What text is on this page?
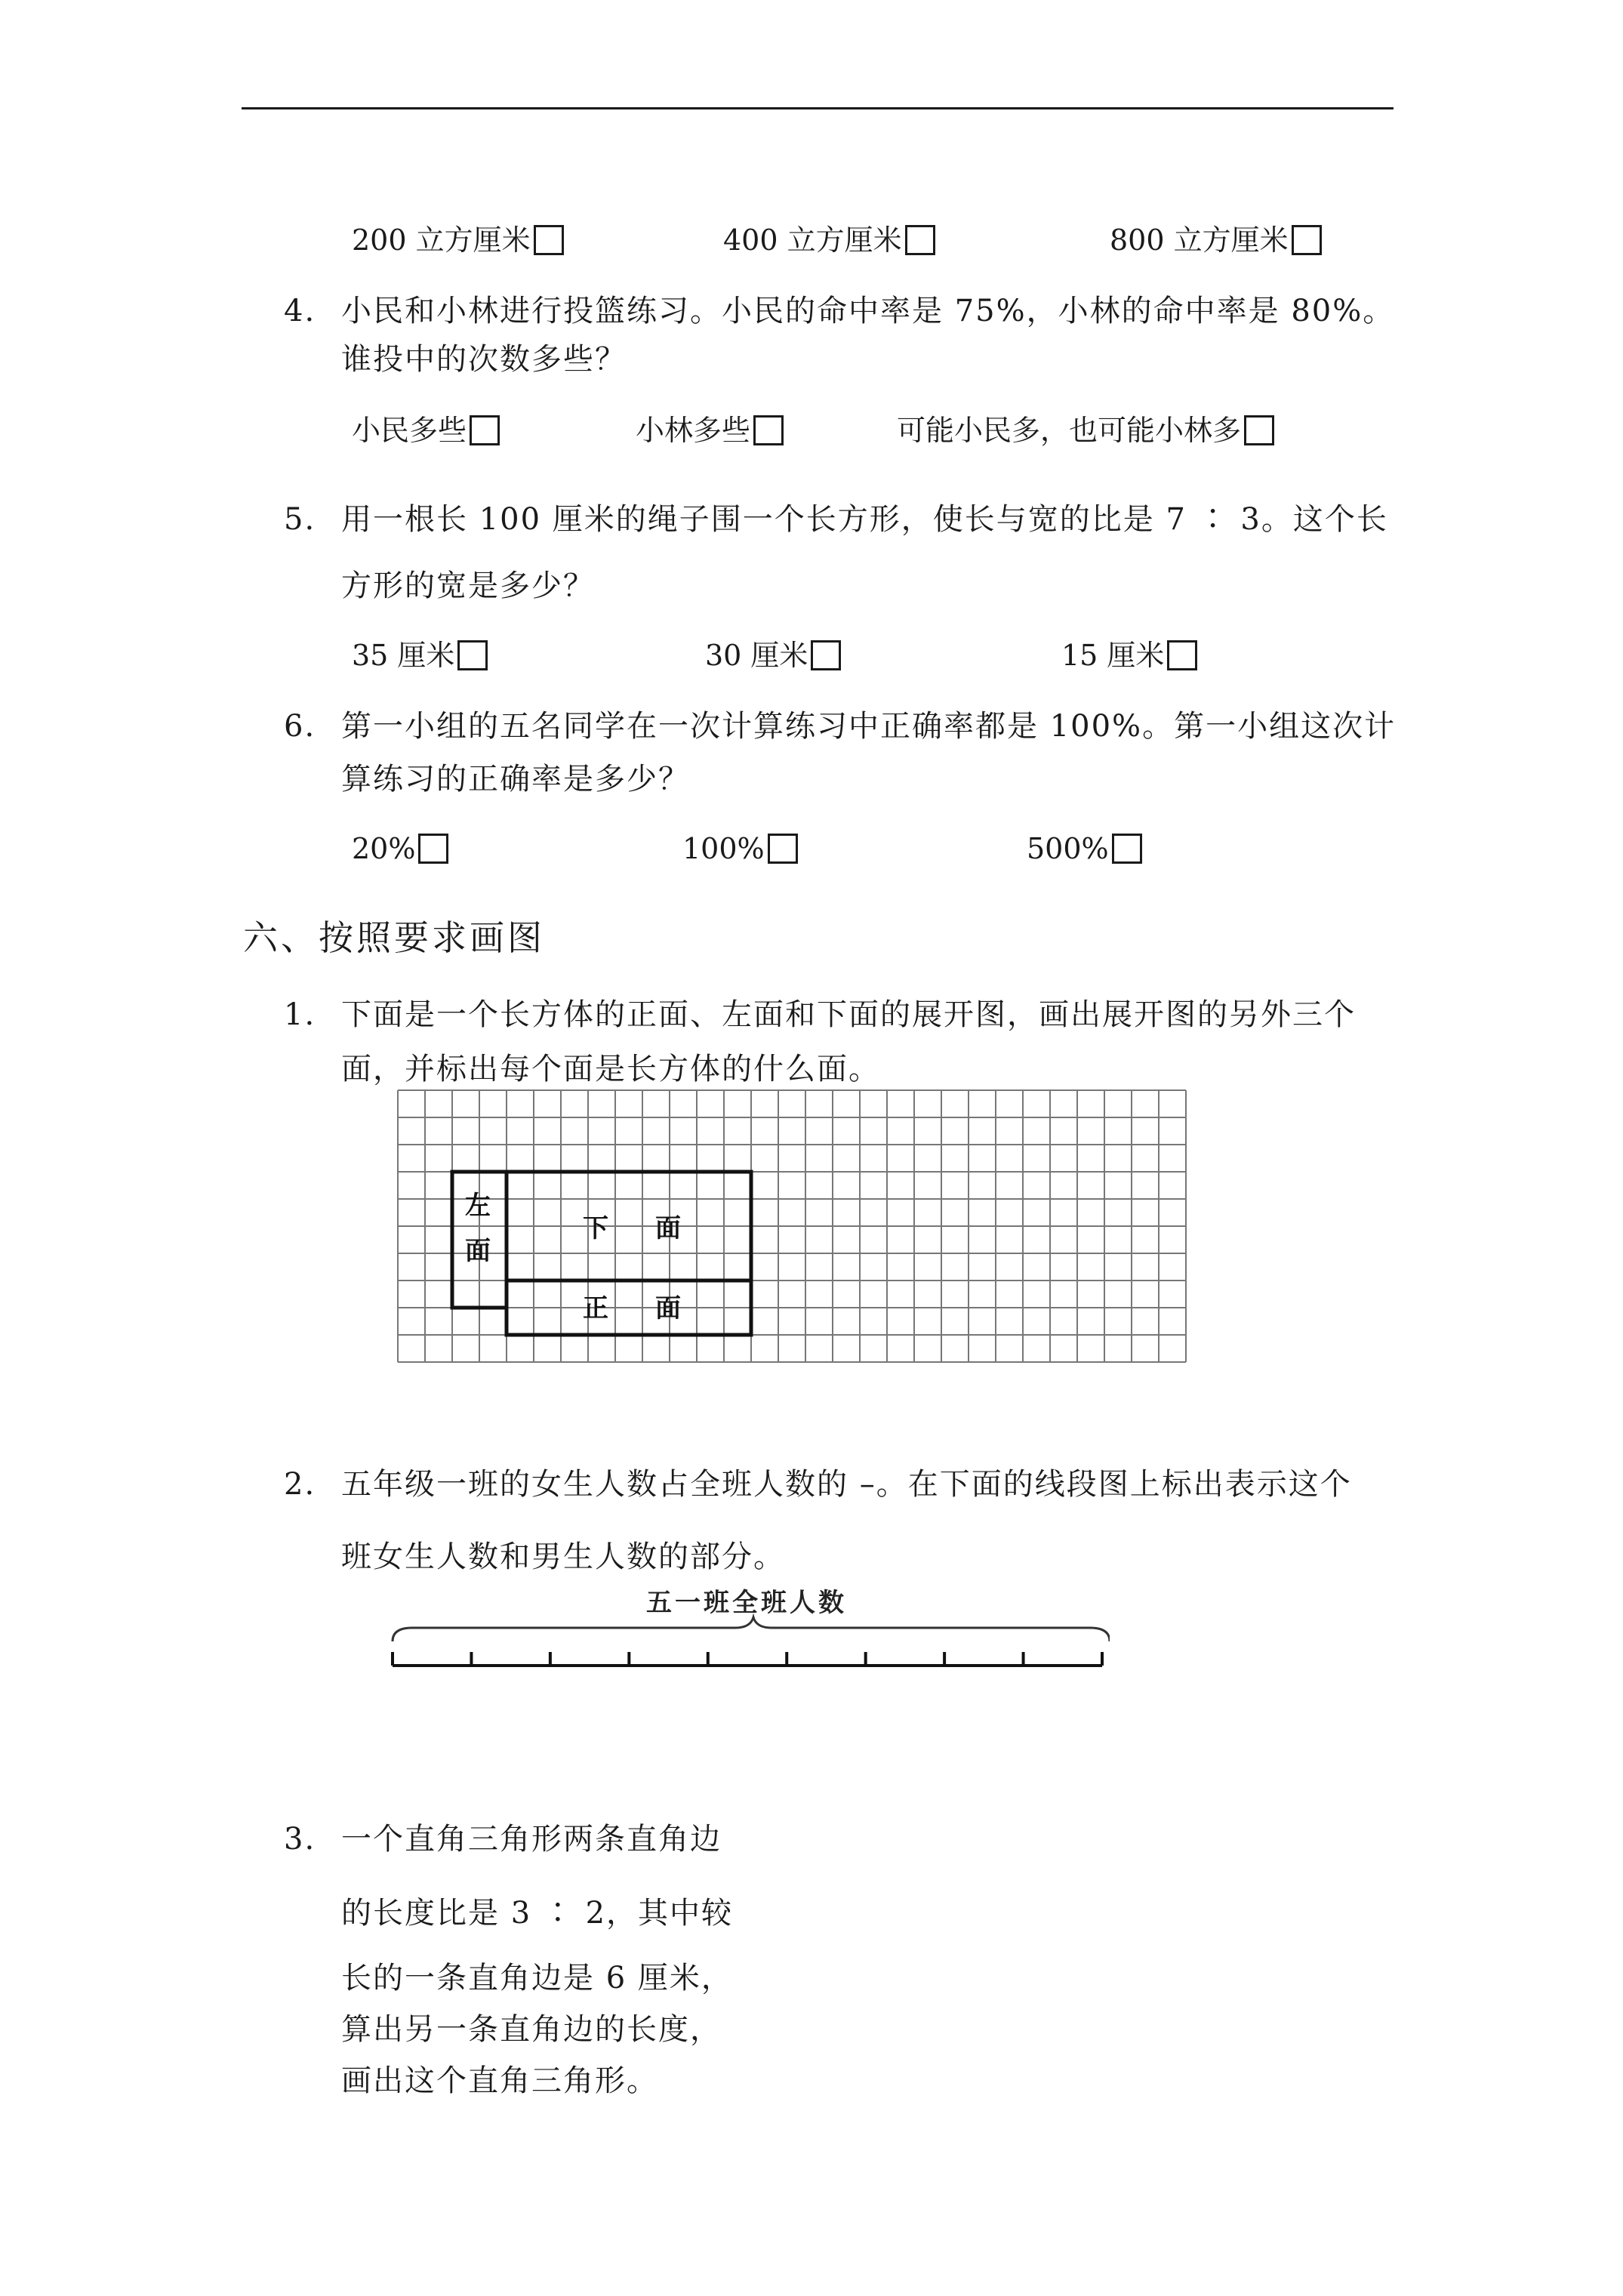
200 立方厘米	400 立方厘米	800 立方厘米
4. 小民和小林进行投篮练习。小民的命中率是 75%，小林的命中率是 80%。
谁投中的次数多些？
小民多些	小林多些	可能小民多，也可能小林多
5. 用一根长 100 厘米的绳子围一个长方形，使长与宽的比是 7 ∶ 3。这个长
方形的宽是多少？
35 厘米	30 厘米	15 厘米
6. 第一小组的五名同学在一次计算练习中正确率都是 100%。第一小组这次计
算练习的正确率是多少？
20%	100%	500%
六、按照要求画图
1. 下面是一个长方体的正面、左面和下面的展开图，画出展开图的另外三个
面，并标出每个面是长方体的什么面。
左
面
下 面
正 面
2. 五年级一班的女生人数占全班人数的 –。在下面的线段图上标出表示这个
班女生人数和男生人数的部分。
五一班全班人数
3. 一个直角三角形两条直角边
的长度比是 3 ∶ 2，其中较
长的一条直角边是 6 厘米，
算出另一条直角边的长度，
画出这个直角三角形。
